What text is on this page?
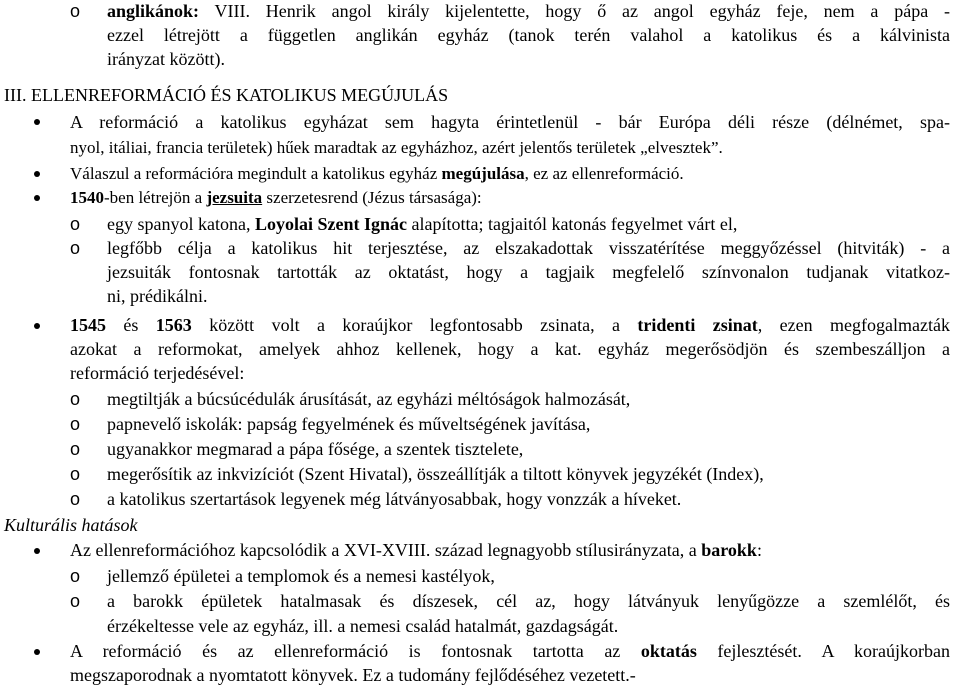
o anglikánok: VIII. Henrik angol király kijelentette, hogy ő az angol egyház feje, nem a pápa -
ezzel létrejött a független anglikán egyház (tanok terén valahol a katolikus és a kálvinista
irányzat között).
III. ELLENREFORMÁCIÓ ÉS KATOLIKUS MEGÚJULÁS
A reformáció a katolikus egyházat sem hagyta érintetlenül - bár Európa déli része (délnémet, spa-
nyol, itáliai, francia területek) hűek maradtak az egyházhoz, azért jelentős területek „elvesztek”.
Válaszul a reformációra megindult a katolikus egyház megújulása, ez az ellenreformáció.
1540-ben létrejön a jezsuita szerzetesrend (Jézus társasága):
o egy spanyol katona, Loyolai Szent Ignác alapította; tagjaitól katonás fegyelmet várt el,
o legfőbb célja a katolikus hit terjesztése, az elszakadottak visszatérítése meggyőzéssel (hitviták) - a
jezsuiták fontosnak tartották az oktatást, hogy a tagjaik megfelelő színvonalon tudjanak vitatkoz-
ni, prédikálni.
1545 és 1563 között volt a koraújkor legfontosabb zsinata, a tridenti zsinat, ezen megfogalmazták
azokat a reformokat, amelyek ahhoz kellenek, hogy a kat. egyház megerősödjön és szembeszálljon a
reformáció terjedésével:
o megtiltják a búcsúcédulák árusítását, az egyházi méltóságok halmozását,
o papnevelő iskolák: papság fegyelmének és műveltségének javítása,
o ugyanakkor megmarad a pápa fősége, a szentek tisztelete,
o megerősítik az inkvizíciót (Szent Hivatal), összeállítják a tiltott könyvek jegyzékét (Index),
o a katolikus szertartások legyenek még látványosabbak, hogy vonzzák a híveket.
Kulturális hatások
Az ellenreformációhoz kapcsolódik a XVI-XVIII. század legnagyobb stílusirányzata, a barokk:
o jellemző épületei a templomok és a nemesi kastélyok,
o a barokk épületek hatalmasak és díszesek, cél az, hogy látványuk lenyűgözze a szemlélőt, és
érzékeltesse vele az egyház, ill. a nemesi család hatalmát, gazdagságát.
A reformáció és az ellenreformáció is fontosnak tartotta az oktatás fejlesztését. A koraújkorban
megszaporodnak a nyomtatott könyvek. Ez a tudomány fejlődéséhez vezetett.-
